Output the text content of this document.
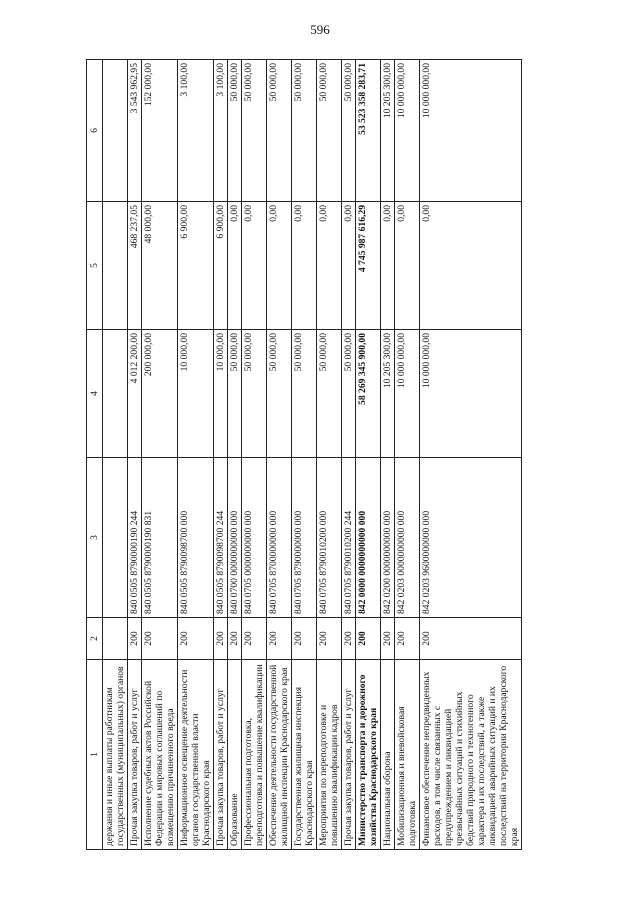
596
1	2	3	4	5	6
держания и иные выплаты работникам государственных (муниципальных) органов					
Прочая закупка товаров, работ и услуг	200	840 0505 8790000190 244	4 012 200,00	468 237,05	3 543 962,95
Исполнение судебных актов Российской Федерации и мировых соглашений по возмещению причиненного вреда	200	840 0505 8790000190 831	200 000,00	48 000,00	152 000,00
Информационное освещение деятельности органов государственной власти Краснодарского края	200	840 0505 8790098700 000	10 000,00	6 900,00	3 100,00
Прочая закупка товаров, работ и услуг	200	840 0505 8790098700 244	10 000,00	6 900,00	3 100,00
Образование	200	840 0700 0000000000 000	50 000,00	0,00	50 000,00
Профессиональная подготовка, переподготовка и повышение квалификации	200	840 0705 0000000000 000	50 000,00	0,00	50 000,00
Обеспечение деятельности государственной жилищной инспекции Краснодарского края	200	840 0705 8700000000 000	50 000,00	0,00	50 000,00
Государственная жилищная инспекция Краснодарского края	200	840 0705 8790000000 000	50 000,00	0,00	50 000,00
Мероприятия по переподготовке и повышению квалификации кадров	200	840 0705 8790010200 000	50 000,00	0,00	50 000,00
Прочая закупка товаров, работ и услуг	200	840 0705 8790010200 244	50 000,00	0,00	50 000,00
Министерство транспорта и дорожного хозяйства Краснодарского края	200	842 0000 0000000000 000	58 269 345 900,00	4 745 987 616,29	53 523 358 283,71
Национальная оборона	200	842 0200 0000000000 000	10 205 300,00	0,00	10 205 300,00
Мобилизационная и вневойсковая подготовка	200	842 0203 0000000000 000	10 000 000,00	0,00	10 000 000,00
Финансовое обеспечение непредвиденных расходов, в том числе связанных с предупреждением и ликвидацией чрезвычайных ситуаций и стихийных бедствий природного и техногенного характера и их последствий, а также ликвидацией аварийных ситуаций и их последствий на территории Краснодарского края	200	842 0203 9600000000 000	10 000 000,00	0,00	10 000 000,00
